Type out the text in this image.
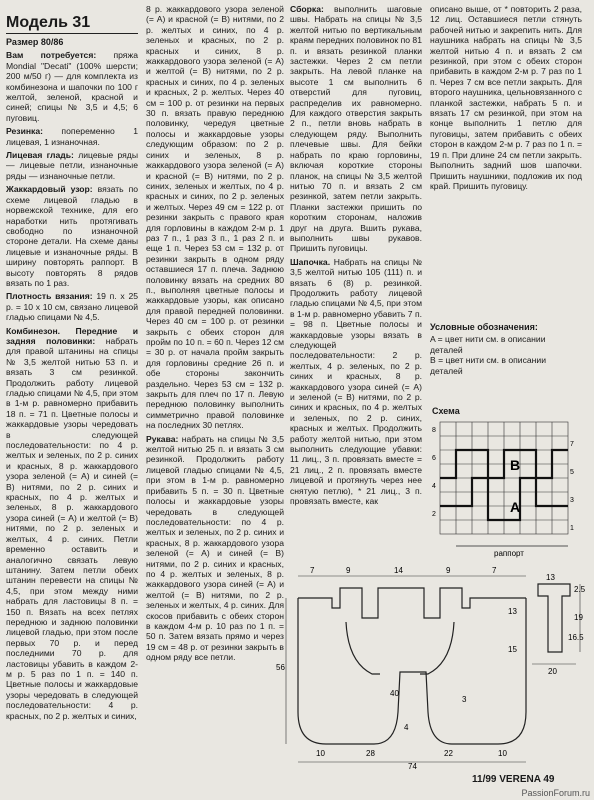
Модель 31

Размер 80/86

Вам потребуется: пряжа Mondial "Decati" (100% шерсти; 200 м/50 г) — для комплекта из комбинезона и шапочки по 100 г желтой, зеленой, красной и синей; спицы № 3,5 и 4,5; 6 пуговиц.

Резинка: попеременно 1 лицевая, 1 изнаночная.

Лицевая гладь: лицевые ряды — лицевые петли, изнаночные ряды — изнаночные петли.

Жаккардовый узор: вязать по схеме лицевой гладью в норвежской технике, для его наработки нить протягивать свободно по изнаночной стороне детали. На схеме даны лицевые и изнаночные ряды. В ширину повторять раппорт. В высоту повторять 8 рядов вязать по 1 раз.

Плотность вязания: 19 п. х 25 р. = 10 х 10 см, связано лицевой гладью спицами № 4,5.

Комбинезон. Передние и задняя половинки: набрать для правой штанины на спицы № 3,5 желтой нитью 53 п. и вязать 3 см резинкой. Продолжить работу лицевой гладью спицами № 4,5, при этом в 1-м р. равномерно прибавить 18 п. = 71 п. Цветные полосы и жаккардовые узоры чередовать в следующей последовательности: по 4 р. желтых и зеленых, по 2 р. синих и красных, 8 р. жаккардового узора зеленой (= А) и синей (= В) нитями, по 2 р. синих и красных, по 4 р. желтых и зеленых, 8 р. жаккардового узора синей (= А) и желтой (= В) нитями, по 2 р. зеленых и желтых, 4 р. синих. Петли временно оставить и аналогично связать левую штанину. Затем петли обеих штанин перевести на спицы № 4,5, при этом между ними набрать для ластовицы 8 п. = 150 п. Вязать на всех петлях переднюю и заднюю половинки лицевой гладью, при этом после первых 70 р. и перед последними 70 р. для ластовицы убавить в каждом 2-м р. 5 раз по 1 п. = 140 п. Цветные полосы и жаккардовые узоры чередовать в следующей последовательности: 4 р. красных, по 2 р. желтых и синих,

8 р. жаккардового узора зеленой (= А) и красной (= В) нитями, по 2 р. желтых и синих, по 4 р. зеленых и красных, по 2 р. красных и синих, 8 р. жаккардового узора зеленой (= А) и желтой (= В) нитями, по 2 р. красных и синих, по 4 р. зеленых и красных, 2 р. желтых. Через 40 см = 100 р. от резинки на первых 30 п. вязать правую переднюю половинку, чередуя цветные полосы и жаккардовые узоры следующим образом: по 2 р. синих и зеленых, 8 р. жаккардового узора зеленой (= А) и красной (= В) нитями, по 2 р. синих, зеленых и желтых, по 4 р. красных и синих, по 2 р. зеленых и желтых. Через 49 см = 122 р. от резинки закрыть с правого края для горловины в каждом 2-м р. 1 раз 7 п., 1 раз 3 п., 1 раз 2 п. и еще 1 п. Через 53 см = 132 р. от резинки закрыть в одном ряду оставшиеся 17 п. плеча. Заднюю половинку вязать на средних 80 п., выполняя цветные полосы и жаккардовые узоры, как описано для правой передней половинки. Через 40 см = 100 р. от резинки закрыть с обеих сторон для пройм по 10 п. = 60 п. Через 12 см = 30 р. от начала пройм закрыть для горловины средние 26 п. и обе стороны закончить раздельно. Через 53 см = 132 р. закрыть для плеч по 17 п. Левую переднюю половинку выполнить симметрично правой половинке на последних 30 петлях.

Рукава: набрать на спицы № 3,5 желтой нитью 25 п. и вязать 3 см резинкой. Продолжить работу лицевой гладью спицами № 4,5, при этом в 1-м р. равномерно прибавить 5 п. = 30 п. Цветные полосы и жаккардовые узоры чередовать в следующей последовательности: по 4 р. желтых и зеленых, по 2 р. синих и красных, 8 р. жаккардового узора зеленой (= А) и синей (= В) нитями, по 2 р. синих и красных, по 4 р. желтых и зеленых, 8 р. жаккардового узора синей (= А) и желтой (= В) нитями, по 2 р. зеленых и желтых, 4 р. синих. Для скосов прибавить с обеих сторон в каждом 4-м р. 10 раз по 1 п. = 50 п. Затем вязать прямо и через 19 см = 48 р. от резинки закрыть в одном ряду все петли.

Сборка: выполнить шаговые швы. Набрать на спицы № 3,5 желтой нитью по вертикальным краям передних половинок по 81 п. и вязать резинкой планки застежки. Через 2 см петли закрыть. На левой планке на высоте 1 см выполнить 6 отверстий для пуговиц, распределив их равномерно. Для каждого отверстия закрыть 2 п., петли вновь набрать в следующем ряду. Выполнить плечевые швы. Для бейки набрать по краю горловины, включая короткие стороны планок, на спицы № 3,5 желтой нитью 70 п. и вязать 2 см резинкой, затем петли закрыть. Планки застежки пришить по коротким сторонам, наложив друг на друга. Вшить рукава, выполнить швы рукавов. Пришить пуговицы.

Шапочка. Набрать на спицы № 3,5 желтой нитью 105 (111) п. и вязать 6 (8) р. резинкой. Продолжить работу лицевой гладью спицами № 4,5, при этом в 1-м р. равномерно убавить 7 п. = 98 п. Цветные полосы и жаккардовые узоры вязать в следующей последовательности: 2 р. желтых, 4 р. зеленых, по 2 р. синих и красных, 8 р. жаккардового узора синей (= А) и зеленой (= В) нитями, по 2 р. синих и красных, по 4 р. желтых и зеленых, по 2 р. синих, красных и желтых. Продолжить работу желтой нитью, при этом выполнить следующие убавки: 11 лиц., 3 п. провязать вместе = 21 лиц., 2 п. провязать вместе лицевой и протянуть через нее снятую петлю), * 21 лиц., 3 п. провязать вместе, как

описано выше, от * повторить 2 раза, 12 лиц. Оставшиеся петли стянуть рабочей нитью и закрепить нить. Для наушника набрать на спицы № 3,5 желтой нитью 4 п. и вязать 2 см резинкой, при этом с обеих сторон прибавить в каждом 2-м р. 7 раз по 1 п. Через 7 см все петли закрыть. Для второго наушника, цельновязанного с планкой застежки, набрать 5 п. и вязать 17 см резинкой, при этом на конце выполнить 1 петлю для пуговицы, затем прибавить с обеих сторон в каждом 2-м р. 7 раз по 1 п. = 19 п. При длине 24 см петли закрыть. Выполнить задний шов шапочки. Пришить наушники, подложив их под край. Пришить пуговицу.

Условные обозначения:
A = цвет нити см. в описании деталей
B = цвет нити см. в описании деталей
Схема
8
7
6
5
4
3
2
1
B
A
раппорт
7	9	14	9	7
56
13
15
10	28	22	10
74
4
3
40
13
2.5
19
16.5
20
11/99 VERENA 49
PassionForum.ru
